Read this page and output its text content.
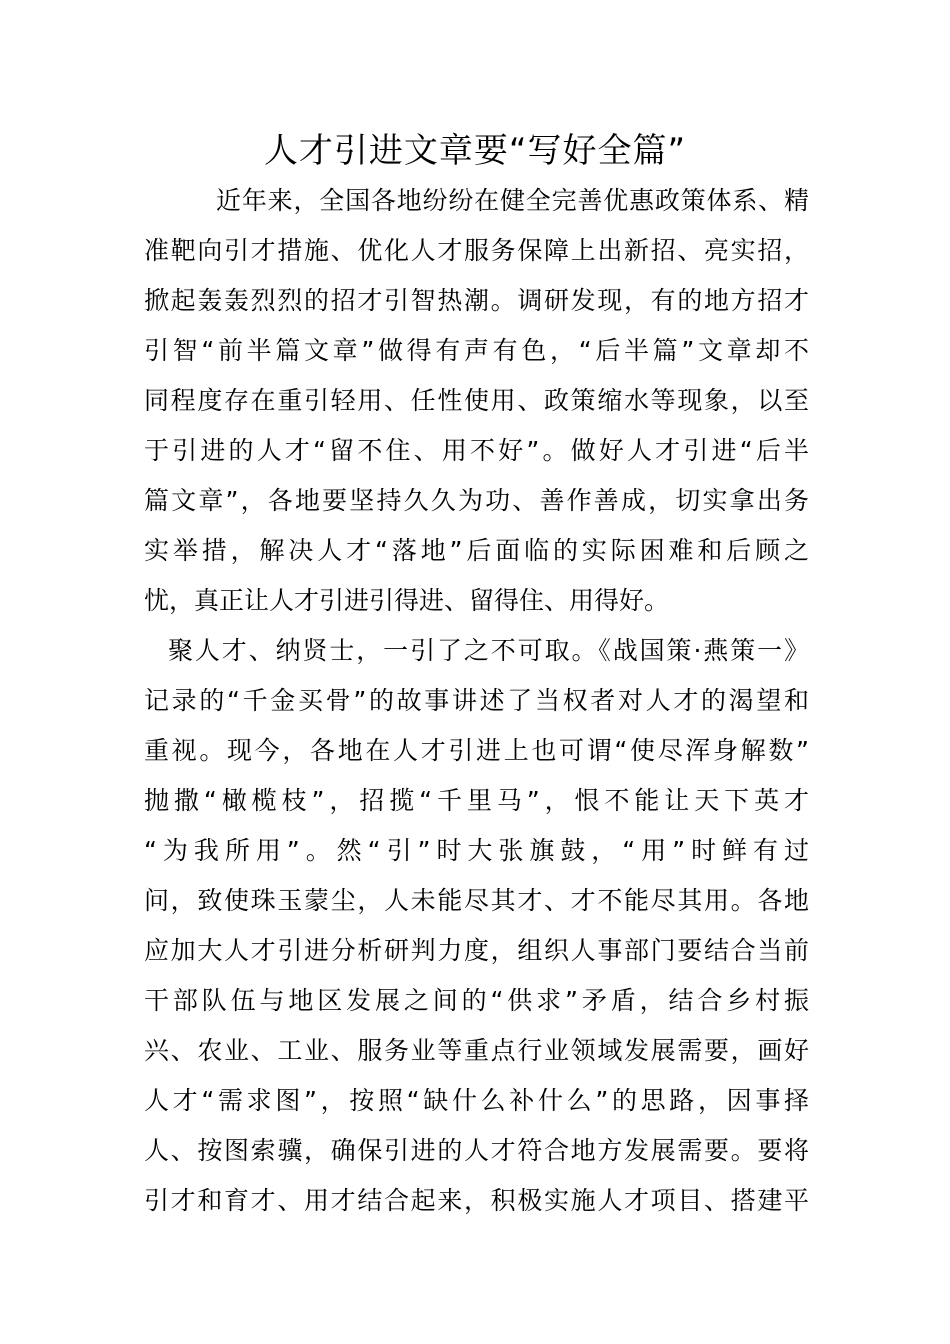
人才引进文章要“写好全篇”
近年来，全国各地纷纷在健全完善优惠政策体系、精
准靶向引才措施、优化人才服务保障上出新招、亮实招，
掀起轰轰烈烈的招才引智热潮。调研发现，有的地方招才
引智“前半篇文章”做得有声有色，“后半篇”文章却不
同程度存在重引轻用、任性使用、政策缩水等现象，以至
于引进的人才“留不住、用不好”。做好人才引进“后半
篇文章”，各地要坚持久久为功、善作善成，切实拿出务
实举措，解决人才“落地”后面临的实际困难和后顾之
忧，真正让人才引进引得进、留得住、用得好。
聚人才、纳贤士，一引了之不可取。《战国策·燕策一》
记录的“千金买骨”的故事讲述了当权者对人才的渴望和
重视。现今，各地在人才引进上也可谓“使尽浑身解数”
抛撒“橄榄枝”，招揽“千里马”，恨不能让天下英才
“为我所用”。然“引”时大张旗鼓，“用”时鲜有过
问，致使珠玉蒙尘，人未能尽其才、才不能尽其用。各地
应加大人才引进分析研判力度，组织人事部门要结合当前
干部队伍与地区发展之间的“供求”矛盾，结合乡村振
兴、农业、工业、服务业等重点行业领域发展需要，画好
人才“需求图”，按照“缺什么补什么”的思路，因事择
人、按图索骥，确保引进的人才符合地方发展需要。要将
引才和育才、用才结合起来，积极实施人才项目、搭建平
